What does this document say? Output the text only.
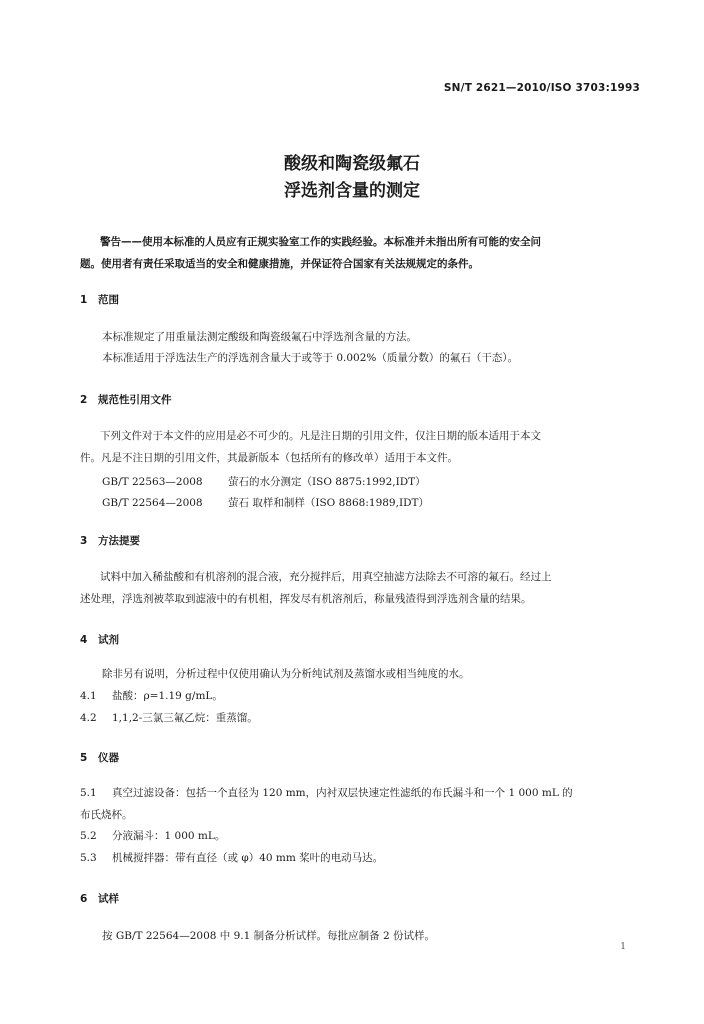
SN/T 2621—2010/ISO 3703:1993
酸级和陶瓷级氟石
浮选剂含量的测定
警告——使用本标准的人员应有正规实验室工作的实践经验。本标准并未指出所有可能的安全问
题。使用者有责任采取适当的安全和健康措施，并保证符合国家有关法规规定的条件。
1 范围
本标准规定了用重量法测定酸级和陶瓷级氟石中浮选剂含量的方法。
本标准适用于浮选法生产的浮选剂含量大于或等于 0.002%（质量分数）的氟石（干态）。
2 规范性引用文件
下列文件对于本文件的应用是必不可少的。凡是注日期的引用文件，仅注日期的版本适用于本文
件。凡是不注日期的引用文件，其最新版本（包括所有的修改单）适用于本文件。
GB/T 22563—2008 萤石的水分测定（ISO 8875:1992,IDT）
GB/T 22564—2008 萤石 取样和制样（ISO 8868:1989,IDT）
3 方法提要
试料中加入稀盐酸和有机溶剂的混合液，充分搅拌后，用真空抽滤方法除去不可溶的氟石。经过上
述处理，浮选剂被萃取到滤液中的有机相，挥发尽有机溶剂后，称量残渣得到浮选剂含量的结果。
4 试剂
除非另有说明，分析过程中仅使用确认为分析纯试剂及蒸馏水或相当纯度的水。
4.1 盐酸：ρ=1.19 g/mL。
4.2 1,1,2-三氯三氟乙烷：重蒸馏。
5 仪器
5.1 真空过滤设备：包括一个直径为 120 mm，内衬双层快速定性滤纸的布氏漏斗和一个 1 000 mL 的
布氏烧杯。
5.2 分液漏斗：1 000 mL。
5.3 机械搅拌器：带有直径（或 φ）40 mm 桨叶的电动马达。
6 试样
按 GB/T 22564—2008 中 9.1 制备分析试样。每批应制备 2 份试样。
1
